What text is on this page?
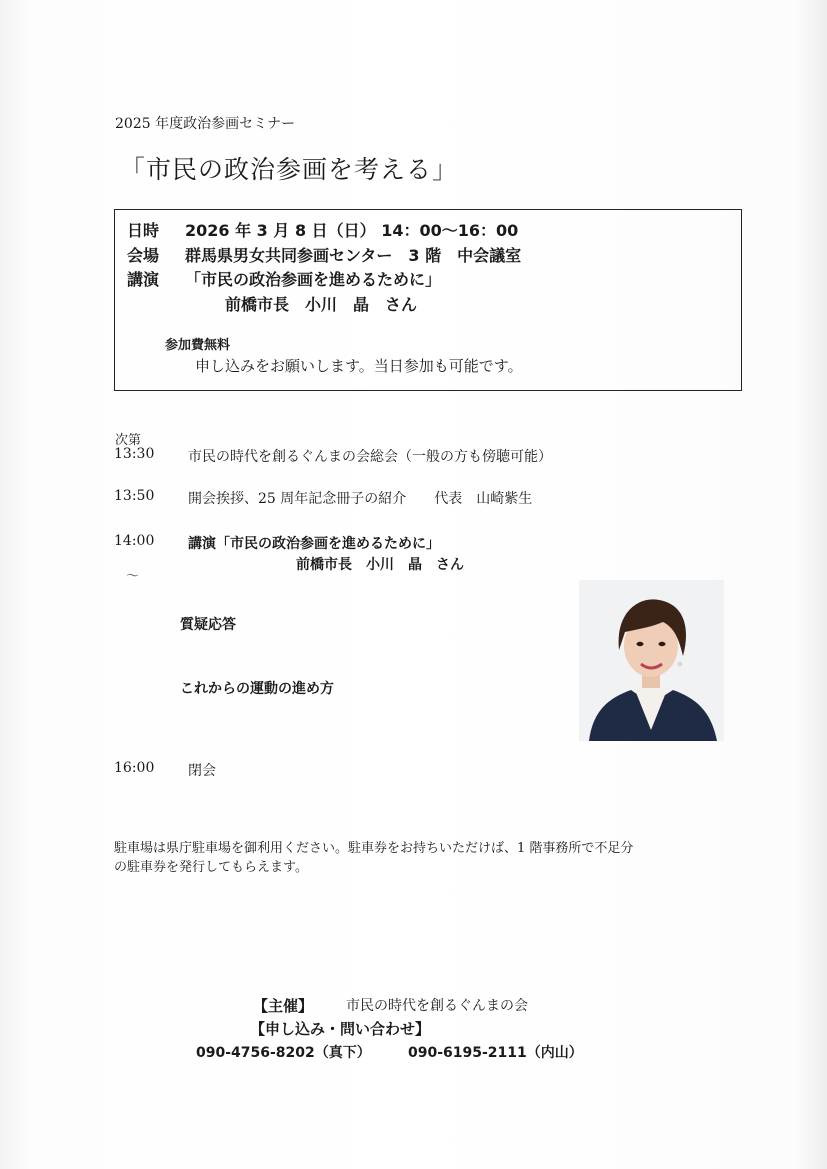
2025 年度政治参画セミナー
「市民の政治参画を考える」
日時 2026 年 3 月 8 日（日） 14：00〜16：00
会場 群馬県男女共同参画センター　3 階　中会議室
講演 「市民の政治参画を進めるために」
前橋市長　小川　晶　さん
参加費無料
申し込みをお願いします。当日参加も可能です。
次第
13:30 市民の時代を創るぐんまの会総会（一般の方も傍聴可能）
13:50 開会挨拶、25 周年記念冊子の紹介　　代表　山崎紫生
14:00 講演「市民の政治参画を進めるために」
前橋市長　小川　晶　さん
〜
質疑応答
これからの運動の進め方
16:00 閉会
駐車場は県庁駐車場を御利用ください。駐車券をお持ちいただけば、1 階事務所で不足分
の駐車券を発行してもらえます。
【主催】 市民の時代を創るぐんまの会
【申し込み・問い合わせ】
090-4756-8202（真下）	090-6195-2111（内山）
